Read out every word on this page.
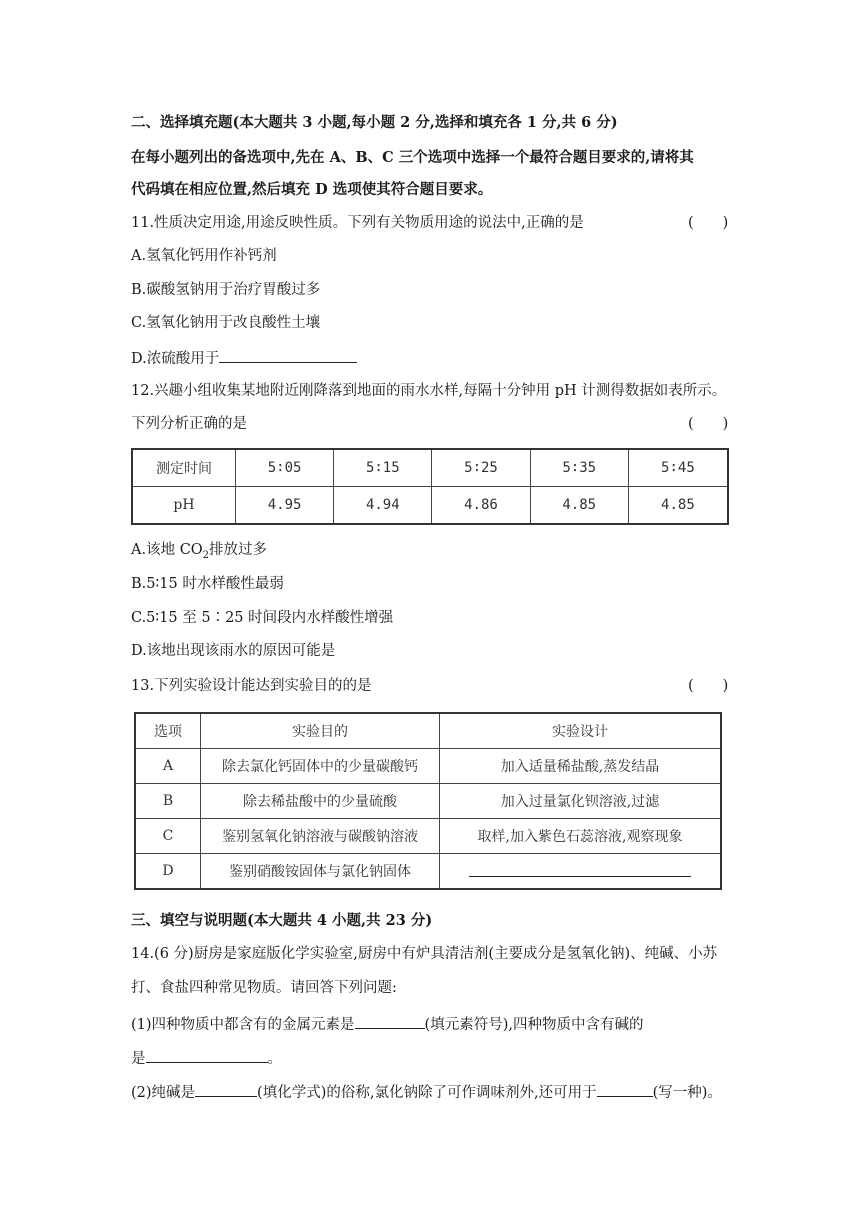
二、选择填充题(本大题共 3 小题,每小题 2 分,选择和填充各 1 分,共 6 分)
在每小题列出的备选项中,先在 A、B、C 三个选项中选择一个最符合题目要求的,请将其
代码填在相应位置,然后填充 D 选项使其符合题目要求。
11.性质决定用途,用途反映性质。下列有关物质用途的说法中,正确的是	(　　)
A.氢氧化钙用作补钙剂
B.碳酸氢钠用于治疗胃酸过多
C.氢氧化钠用于改良酸性土壤
D.浓硫酸用于
12.兴趣小组收集某地附近刚降落到地面的雨水水样,每隔十分钟用 pH 计测得数据如表所示。
下列分析正确的是	(　　)
测定时间	5∶05	5∶15	5∶25	5∶35	5∶45
pH	4.95	4.94	4.86	4.85	4.85
A.该地 $CO_2$排放过多
B.5∶15 时水样酸性最弱
C.5∶15 至 5∶25 时间段内水样酸性增强
D.该地出现该雨水的原因可能是
13.下列实验设计能达到实验目的的是	(　　)
选项	实验目的	实验设计
A	除去氯化钙固体中的少量碳酸钙	加入适量稀盐酸,蒸发结晶
B	除去稀盐酸中的少量硫酸	加入过量氯化钡溶液,过滤
C	鉴别氢氧化钠溶液与碳酸钠溶液	取样,加入紫色石蕊溶液,观察现象
D	鉴别硝酸铵固体与氯化钠固体	
三、填空与说明题(本大题共 4 小题,共 23 分)
14.(6 分)厨房是家庭版化学实验室,厨房中有炉具清洁剂(主要成分是氢氧化钠)、纯碱、小苏
打、食盐四种常见物质。请回答下列问题:
(1)四种物质中都含有的金属元素是	(填元素符号),四种物质中含有碱的
是	。
(2)纯碱是	(填化学式)的俗称,氯化钠除了可作调味剂外,还可用于	(写一种)。
